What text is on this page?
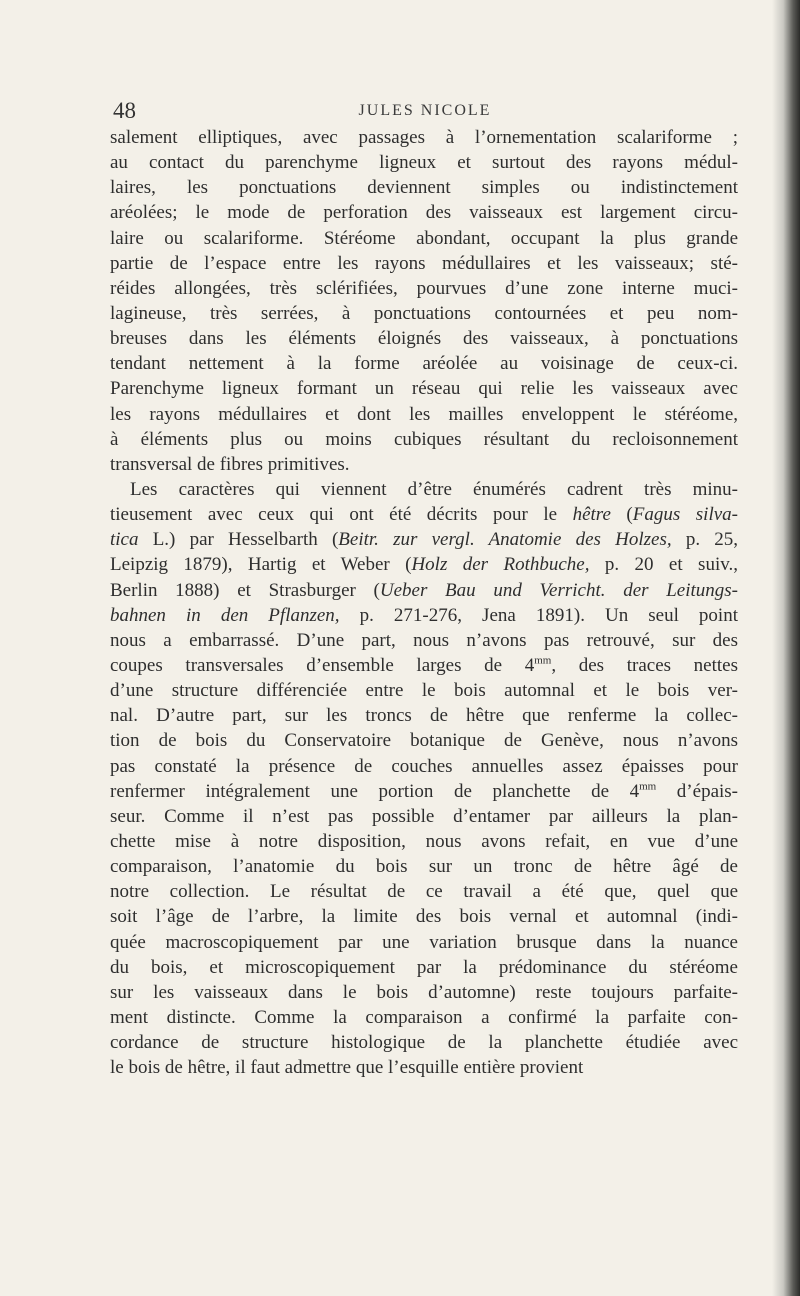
48	JULES NICOLE
salement elliptiques, avec passages à l’ornementation scalariforme ;
au contact du parenchyme ligneux et surtout des rayons médul-
laires, les ponctuations deviennent simples ou indistinctement
aréolées; le mode de perforation des vaisseaux est largement circu-
laire ou scalariforme. Stéréome abondant, occupant la plus grande
partie de l’espace entre les rayons médullaires et les vaisseaux; sté-
réides allongées, très sclérifiées, pourvues d’une zone interne muci-
lagineuse, très serrées, à ponctuations contournées et peu nom-
breuses dans les éléments éloignés des vaisseaux, à ponctuations
tendant nettement à la forme aréolée au voisinage de ceux-ci.
Parenchyme ligneux formant un réseau qui relie les vaisseaux avec
les rayons médullaires et dont les mailles enveloppent le stéréome,
à éléments plus ou moins cubiques résultant du recloisonnement
transversal de fibres primitives.
Les caractères qui viennent d’être énumérés cadrent très minu-
tieusement avec ceux qui ont été décrits pour le hêtre (Fagus silva-
tica L.) par Hesselbarth (Beitr. zur vergl. Anatomie des Holzes, p. 25,
Leipzig 1879), Hartig et Weber (Holz der Rothbuche, p. 20 et suiv.,
Berlin 1888) et Strasburger (Ueber Bau und Verricht. der Leitungs-
bahnen in den Pflanzen, p. 271-276, Jena 1891). Un seul point
nous a embarrassé. D’une part, nous n’avons pas retrouvé, sur des
coupes transversales d’ensemble larges de $4^{mm}$, des traces nettes
d’une structure différenciée entre le bois automnal et le bois ver-
nal. D’autre part, sur les troncs de hêtre que renferme la collec-
tion de bois du Conservatoire botanique de Genève, nous n’avons
pas constaté la présence de couches annuelles assez épaisses pour
renfermer intégralement une portion de planchette de $4^{mm}$ d’épais-
seur. Comme il n’est pas possible d’entamer par ailleurs la plan-
chette mise à notre disposition, nous avons refait, en vue d’une
comparaison, l’anatomie du bois sur un tronc de hêtre âgé de
notre collection. Le résultat de ce travail a été que, quel que
soit l’âge de l’arbre, la limite des bois vernal et automnal (indi-
quée macroscopiquement par une variation brusque dans la nuance
du bois, et microscopiquement par la prédominance du stéréome
sur les vaisseaux dans le bois d’automne) reste toujours parfaite-
ment distincte. Comme la comparaison a confirmé la parfaite con-
cordance de structure histologique de la planchette étudiée avec
le bois de hêtre, il faut admettre que l’esquille entière provient
